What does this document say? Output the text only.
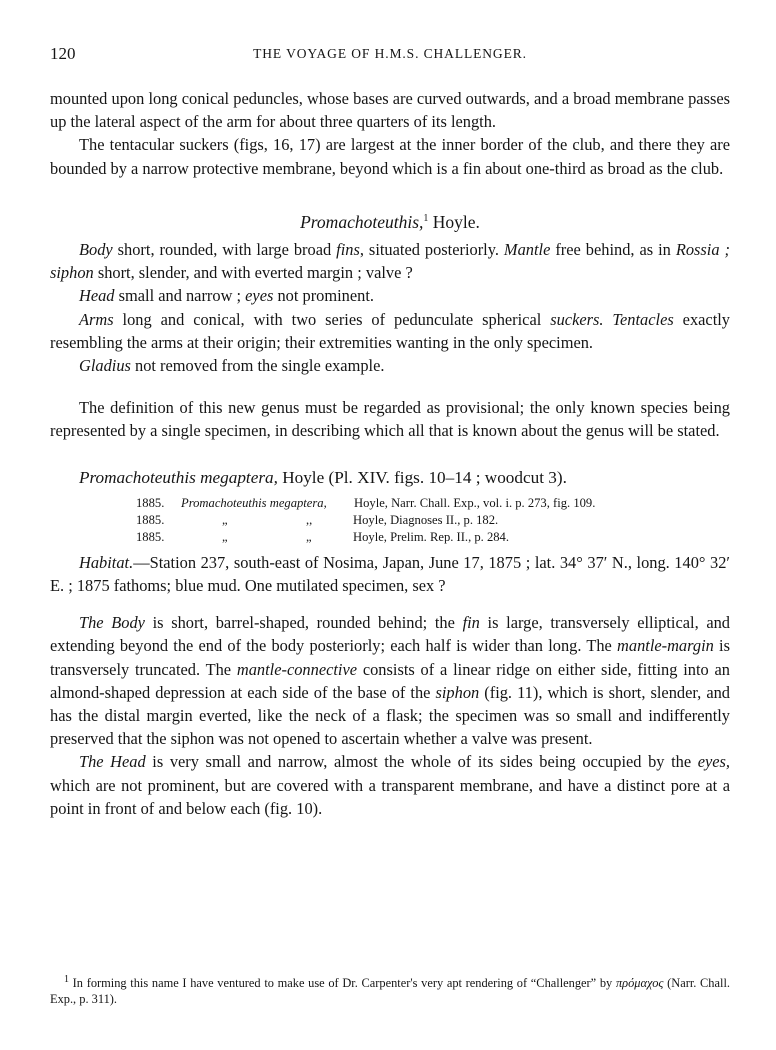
120	THE VOYAGE OF H.M.S. CHALLENGER.

mounted upon long conical peduncles, whose bases are curved outwards, and a broad membrane passes up the lateral aspect of the arm for about three quarters of its length.

The tentacular suckers (figs, 16, 17) are largest at the inner border of the club, and there they are bounded by a narrow protective membrane, beyond which is a fin about one-third as broad as the club.

Promachoteuthis,$^1$ Hoyle.

Body short, rounded, with large broad fins, situated posteriorly. Mantle free behind, as in Rossia ; siphon short, slender, and with everted margin ; valve ?

Head small and narrow ; eyes not prominent.

Arms long and conical, with two series of pedunculate spherical suckers. Tentacles exactly resembling the arms at their origin; their extremities wanting in the only specimen.

Gladius not removed from the single example.

The definition of this new genus must be regarded as provisional; the only known species being represented by a single specimen, in describing which all that is known about the genus will be stated.

Promachoteuthis megaptera, Hoyle (Pl. XIV. figs. 10–14 ; woodcut 3).

1885. Promachoteuthis megaptera, Hoyle, Narr. Chall. Exp., vol. i. p. 273, fig. 109.
1885.	„	,,	Hoyle, Diagnoses II., p. 182.
1885.	„	„	Hoyle, Prelim. Rep. II., p. 284.

Habitat.—Station 237, south-east of Nosima, Japan, June 17, 1875 ; lat. 34° 37′ N., long. 140° 32′ E. ; 1875 fathoms; blue mud. One mutilated specimen, sex ?

The Body is short, barrel-shaped, rounded behind; the fin is large, transversely elliptical, and extending beyond the end of the body posteriorly; each half is wider than long. The mantle-margin is transversely truncated. The mantle-connective consists of a linear ridge on either side, fitting into an almond-shaped depression at each side of the base of the siphon (fig. 11), which is short, slender, and has the distal margin everted, like the neck of a flask; the specimen was so small and indifferently preserved that the siphon was not opened to ascertain whether a valve was present.

The Head is very small and narrow, almost the whole of its sides being occupied by the eyes, which are not prominent, but are covered with a transparent membrane, and have a distinct pore at a point in front of and below each (fig. 10).

$^1$ In forming this name I have ventured to make use of Dr. Carpenter's very apt rendering of “Challenger” by πρόμαχος (Narr. Chall. Exp., p. 311).
